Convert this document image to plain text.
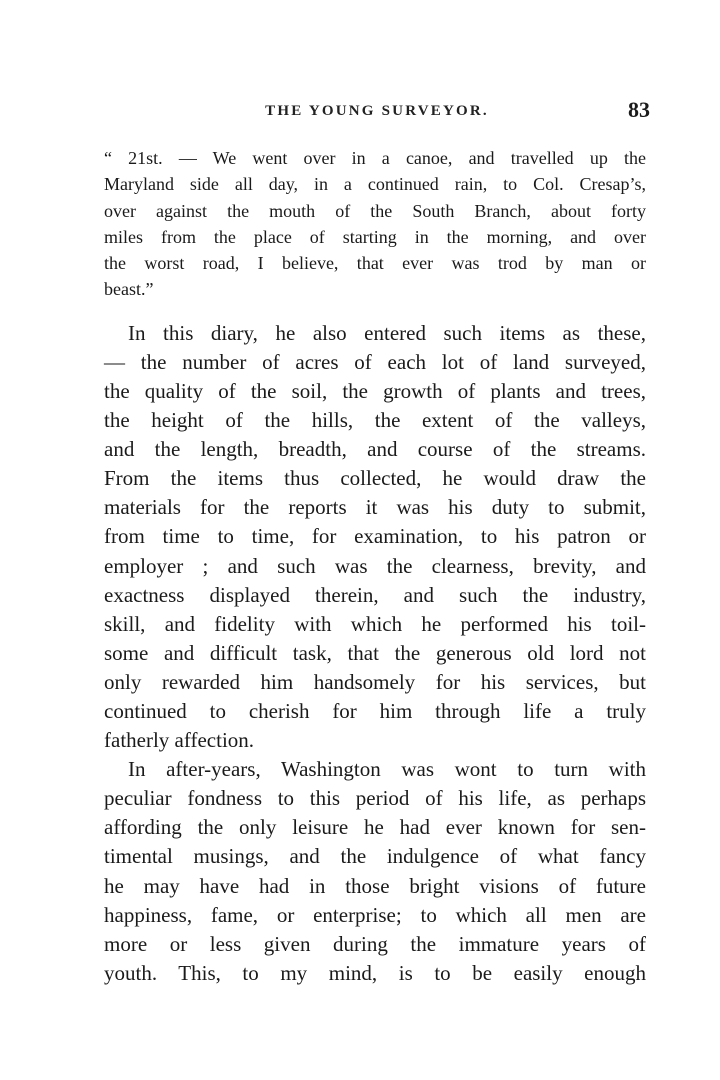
THE YOUNG SURVEYOR.	83
“ 21st. — We went over in a canoe, and travelled up the
Maryland side all day, in a continued rain, to Col. Cresap’s,
over against the mouth of the South Branch, about forty
miles from the place of starting in the morning, and over
the worst road, I believe, that ever was trod by man or
beast.”
In this diary, he also entered such items as these,
— the number of acres of each lot of land surveyed,
the quality of the soil, the growth of plants and trees,
the height of the hills, the extent of the valleys,
and the length, breadth, and course of the streams.
From the items thus collected, he would draw the
materials for the reports it was his duty to submit,
from time to time, for examination, to his patron or
employer ; and such was the clearness, brevity, and
exactness displayed therein, and such the industry,
skill, and fidelity with which he performed his toil-
some and difficult task, that the generous old lord not
only rewarded him handsomely for his services, but
continued to cherish for him through life a truly
fatherly affection.
In after-years, Washington was wont to turn with
peculiar fondness to this period of his life, as perhaps
affording the only leisure he had ever known for sen-
timental musings, and the indulgence of what fancy
he may have had in those bright visions of future
happiness, fame, or enterprise; to which all men are
more or less given during the immature years of
youth. This, to my mind, is to be easily enough
